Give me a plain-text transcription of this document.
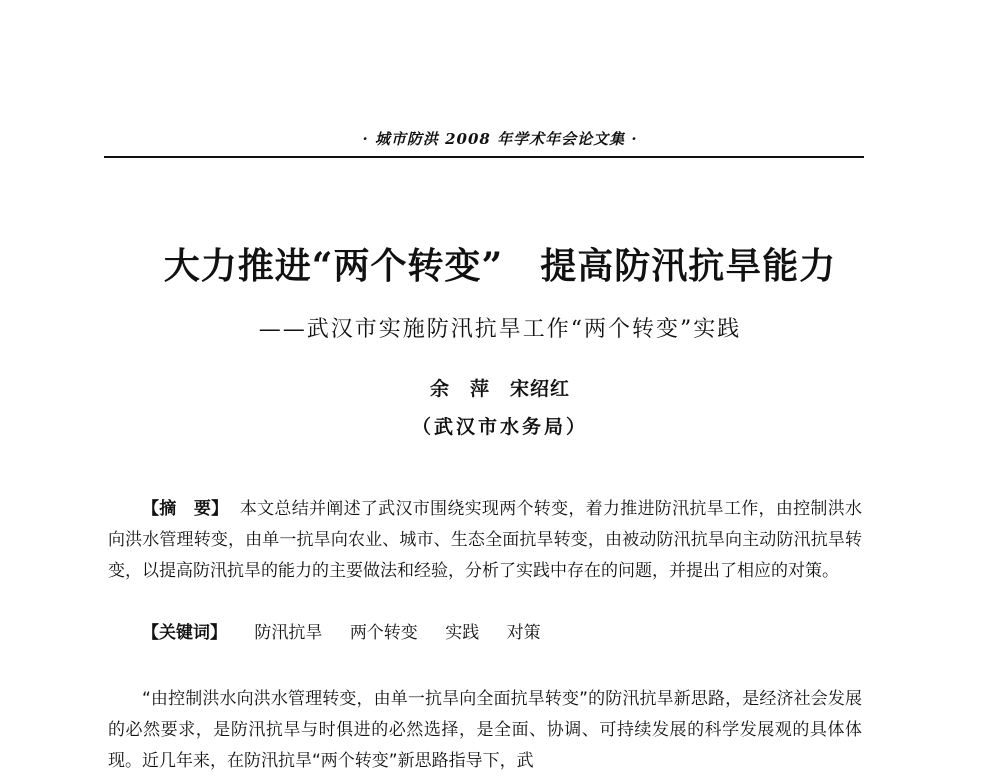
· 城市防洪 2008 年学术年会论文集 ·
大力推进“两个转变”　提高防汛抗旱能力
——武汉市实施防汛抗旱工作“两个转变”实践
余　萍　宋绍红
（武汉市水务局）

【摘　要】 本文总结并阐述了武汉市围绕实现两个转变，着力推进防汛抗旱工作，由控制洪水向洪水管理转变，由单一抗旱向农业、城市、生态全面抗旱转变，由被动防汛抗旱向主动防汛抗旱转变，以提高防汛抗旱的能力的主要做法和经验，分析了实践中存在的问题，并提出了相应的对策。

【关键词】 防汛抗旱 两个转变 实践 对策

“由控制洪水向洪水管理转变，由单一抗旱向全面抗旱转变”的防汛抗旱新思路，是经济社会发展的必然要求，是防汛抗旱与时俱进的必然选择，是全面、协调、可持续发展的科学发展观的具体体现。近几年来，在防汛抗旱“两个转变”新思路指导下，武
